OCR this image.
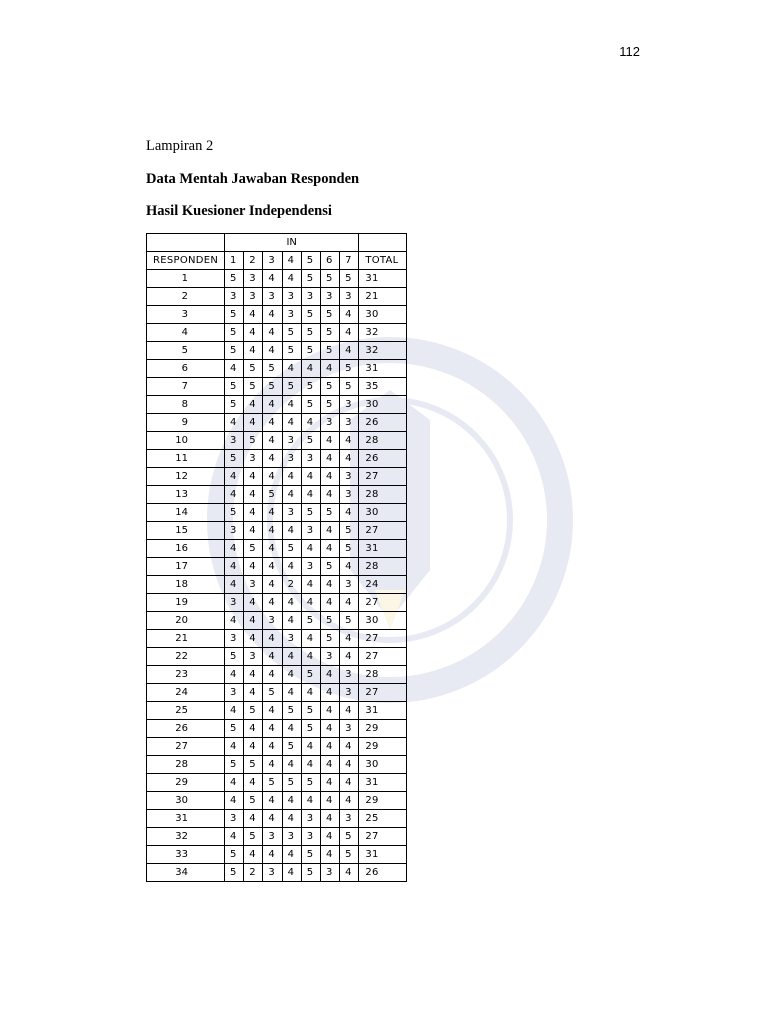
112
Lampiran 2
Data Mentah Jawaban Responden
Hasil Kuesioner Independensi
	IN							
RESPONDEN	1	2	3	4	5	6	7	TOTAL
1	5	3	4	4	5	5	5	31
2	3	3	3	3	3	3	3	21
3	5	4	4	3	5	5	4	30
4	5	4	4	5	5	5	4	32
5	5	4	4	5	5	5	4	32
6	4	5	5	4	4	4	5	31
7	5	5	5	5	5	5	5	35
8	5	4	4	4	5	5	3	30
9	4	4	4	4	4	3	3	26
10	3	5	4	3	5	4	4	28
11	5	3	4	3	3	4	4	26
12	4	4	4	4	4	4	3	27
13	4	4	5	4	4	4	3	28
14	5	4	4	3	5	5	4	30
15	3	4	4	4	3	4	5	27
16	4	5	4	5	4	4	5	31
17	4	4	4	4	3	5	4	28
18	4	3	4	2	4	4	3	24
19	3	4	4	4	4	4	4	27
20	4	4	3	4	5	5	5	30
21	3	4	4	3	4	5	4	27
22	5	3	4	4	4	3	4	27
23	4	4	4	4	5	4	3	28
24	3	4	5	4	4	4	3	27
25	4	5	4	5	5	4	4	31
26	5	4	4	4	5	4	3	29
27	4	4	4	5	4	4	4	29
28	5	5	4	4	4	4	4	30
29	4	4	5	5	5	4	4	31
30	4	5	4	4	4	4	4	29
31	3	4	4	4	3	4	3	25
32	4	5	3	3	3	4	5	27
33	5	4	4	4	5	4	5	31
34	5	2	3	4	5	3	4	26
